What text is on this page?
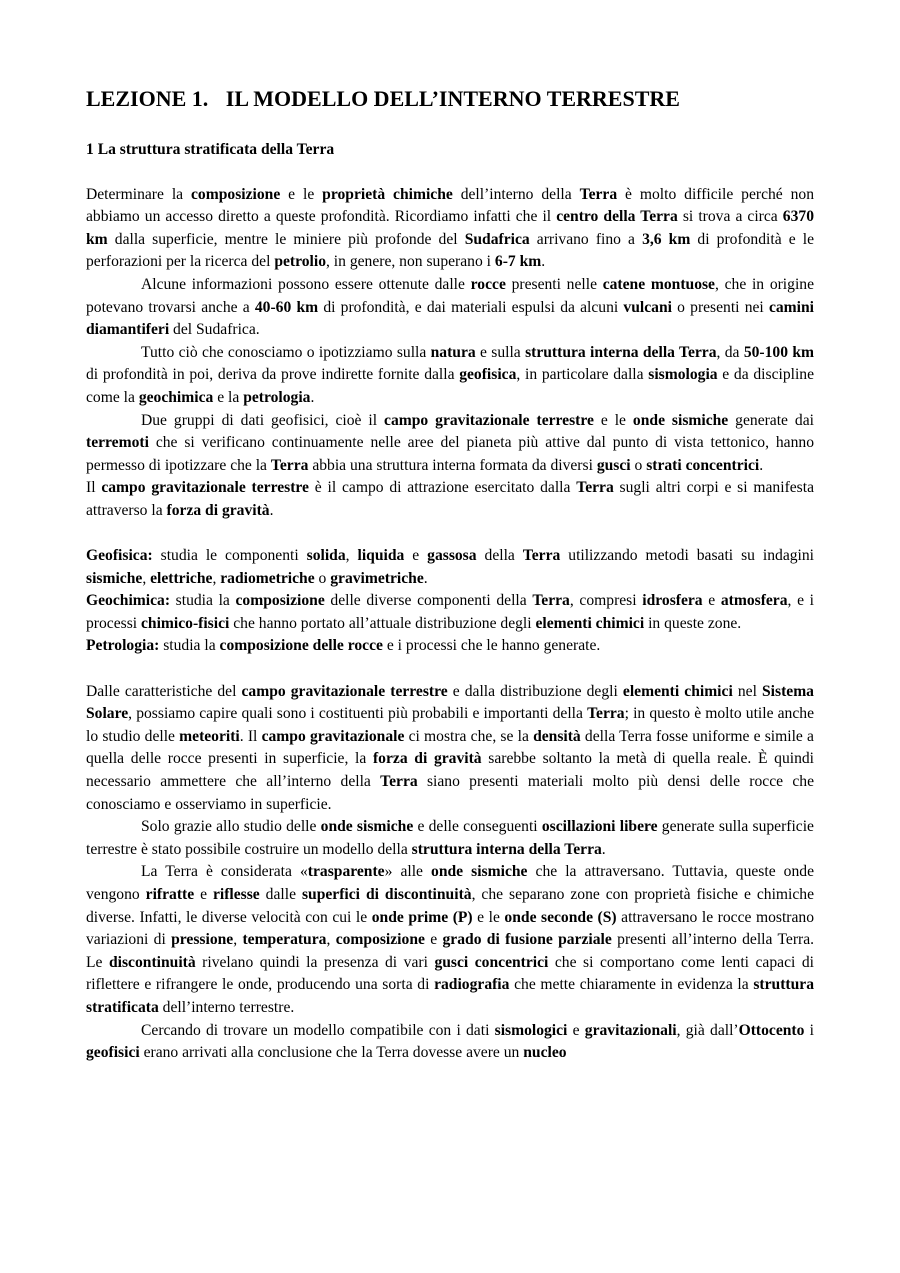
LEZIONE 1. IL MODELLO DELL’INTERNO TERRESTRE
1 La struttura stratificata della Terra

Determinare la composizione e le proprietà chimiche dell’interno della Terra è molto difficile perché non abbiamo un accesso diretto a queste profondità. Ricordiamo infatti che il centro della Terra si trova a circa 6370 km dalla superficie, mentre le miniere più profonde del Sudafrica arrivano fino a 3,6 km di profondità e le perforazioni per la ricerca del petrolio, in genere, non superano i 6-7 km.

Alcune informazioni possono essere ottenute dalle rocce presenti nelle catene montuose, che in origine potevano trovarsi anche a 40-60 km di profondità, e dai materiali espulsi da alcuni vulcani o presenti nei camini diamantiferi del Sudafrica.

Tutto ciò che conosciamo o ipotizziamo sulla natura e sulla struttura interna della Terra, da 50-100 km di profondità in poi, deriva da prove indirette fornite dalla geofisica, in particolare dalla sismologia e da discipline come la geochimica e la petrologia.

Due gruppi di dati geofisici, cioè il campo gravitazionale terrestre e le onde sismiche generate dai terremoti che si verificano continuamente nelle aree del pianeta più attive dal punto di vista tettonico, hanno permesso di ipotizzare che la Terra abbia una struttura interna formata da diversi gusci o strati concentrici.

Il campo gravitazionale terrestre è il campo di attrazione esercitato dalla Terra sugli altri corpi e si manifesta attraverso la forza di gravità.

Geofisica: studia le componenti solida, liquida e gassosa della Terra utilizzando metodi basati su indagini sismiche, elettriche, radiometriche o gravimetriche.

Geochimica: studia la composizione delle diverse componenti della Terra, compresi idrosfera e atmosfera, e i processi chimico-fisici che hanno portato all’attuale distribuzione degli elementi chimici in queste zone.

Petrologia: studia la composizione delle rocce e i processi che le hanno generate.

Dalle caratteristiche del campo gravitazionale terrestre e dalla distribuzione degli elementi chimici nel Sistema Solare, possiamo capire quali sono i costituenti più probabili e importanti della Terra; in questo è molto utile anche lo studio delle meteoriti. Il campo gravitazionale ci mostra che, se la densità della Terra fosse uniforme e simile a quella delle rocce presenti in superficie, la forza di gravità sarebbe soltanto la metà di quella reale. È quindi necessario ammettere che all’interno della Terra siano presenti materiali molto più densi delle rocce che conosciamo e osserviamo in superficie.

Solo grazie allo studio delle onde sismiche e delle conseguenti oscillazioni libere generate sulla superficie terrestre è stato possibile costruire un modello della struttura interna della Terra.

La Terra è considerata «trasparente» alle onde sismiche che la attraversano. Tuttavia, queste onde vengono rifratte e riflesse dalle superfici di discontinuità, che separano zone con proprietà fisiche e chimiche diverse. Infatti, le diverse velocità con cui le onde prime (P) e le onde seconde (S) attraversano le rocce mostrano variazioni di pressione, temperatura, composizione e grado di fusione parziale presenti all’interno della Terra. Le discontinuità rivelano quindi la presenza di vari gusci concentrici che si comportano come lenti capaci di riflettere e rifrangere le onde, producendo una sorta di radiografia che mette chiaramente in evidenza la struttura stratificata dell’interno terrestre.

Cercando di trovare un modello compatibile con i dati sismologici e gravitazionali, già dall’Ottocento i geofisici erano arrivati alla conclusione che la Terra dovesse avere un nucleo
